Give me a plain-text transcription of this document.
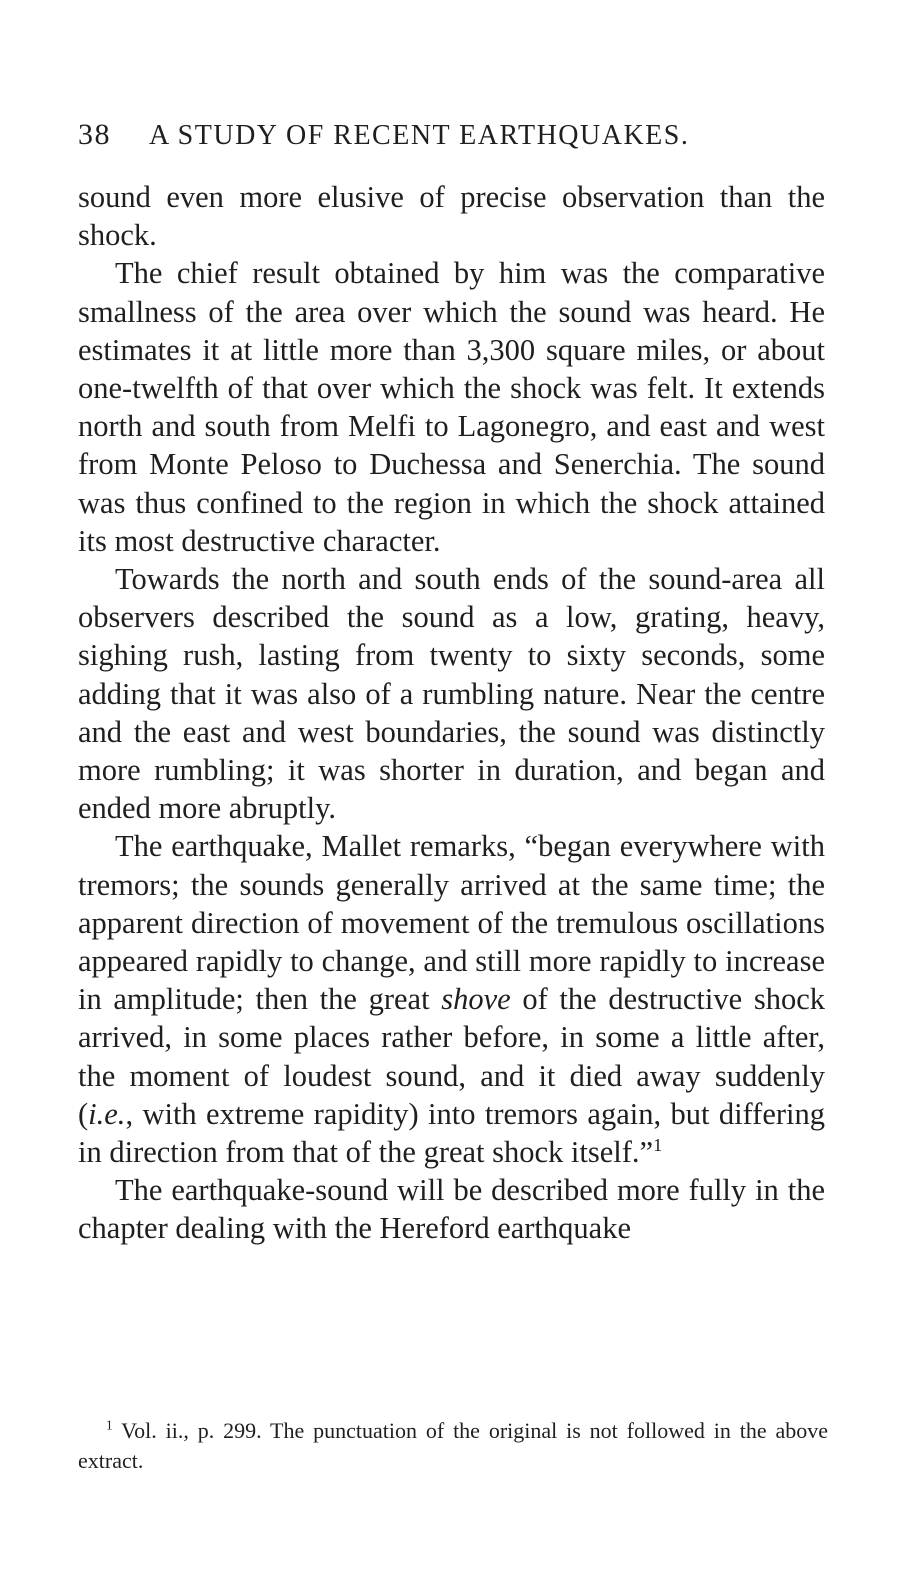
38 A STUDY OF RECENT EARTHQUAKES.

sound even more elusive of precise observation than the shock.

The chief result obtained by him was the comparative smallness of the area over which the sound was heard. He estimates it at little more than 3,300 square miles, or about one-twelfth of that over which the shock was felt. It extends north and south from Melfi to Lagonegro, and east and west from Monte Peloso to Duchessa and Senerchia. The sound was thus confined to the region in which the shock attained its most destructive character.

Towards the north and south ends of the sound-area all observers described the sound as a low, grating, heavy, sighing rush, lasting from twenty to sixty seconds, some adding that it was also of a rumbling nature. Near the centre and the east and west boundaries, the sound was distinctly more rumbling; it was shorter in duration, and began and ended more abruptly.

The earthquake, Mallet remarks, “began everywhere with tremors; the sounds generally arrived at the same time; the apparent direction of movement of the tremulous oscillations appeared rapidly to change, and still more rapidly to increase in amplitude; then the great shove of the destructive shock arrived, in some places rather before, in some a little after, the moment of loudest sound, and it died away suddenly (i.e., with extreme rapidity) into tremors again, but differing in direction from that of the great shock itself.”$^1$

The earthquake-sound will be described more fully in the chapter dealing with the Hereford earthquake

$^1$ Vol. ii., p. 299. The punctuation of the original is not followed in the above extract.
